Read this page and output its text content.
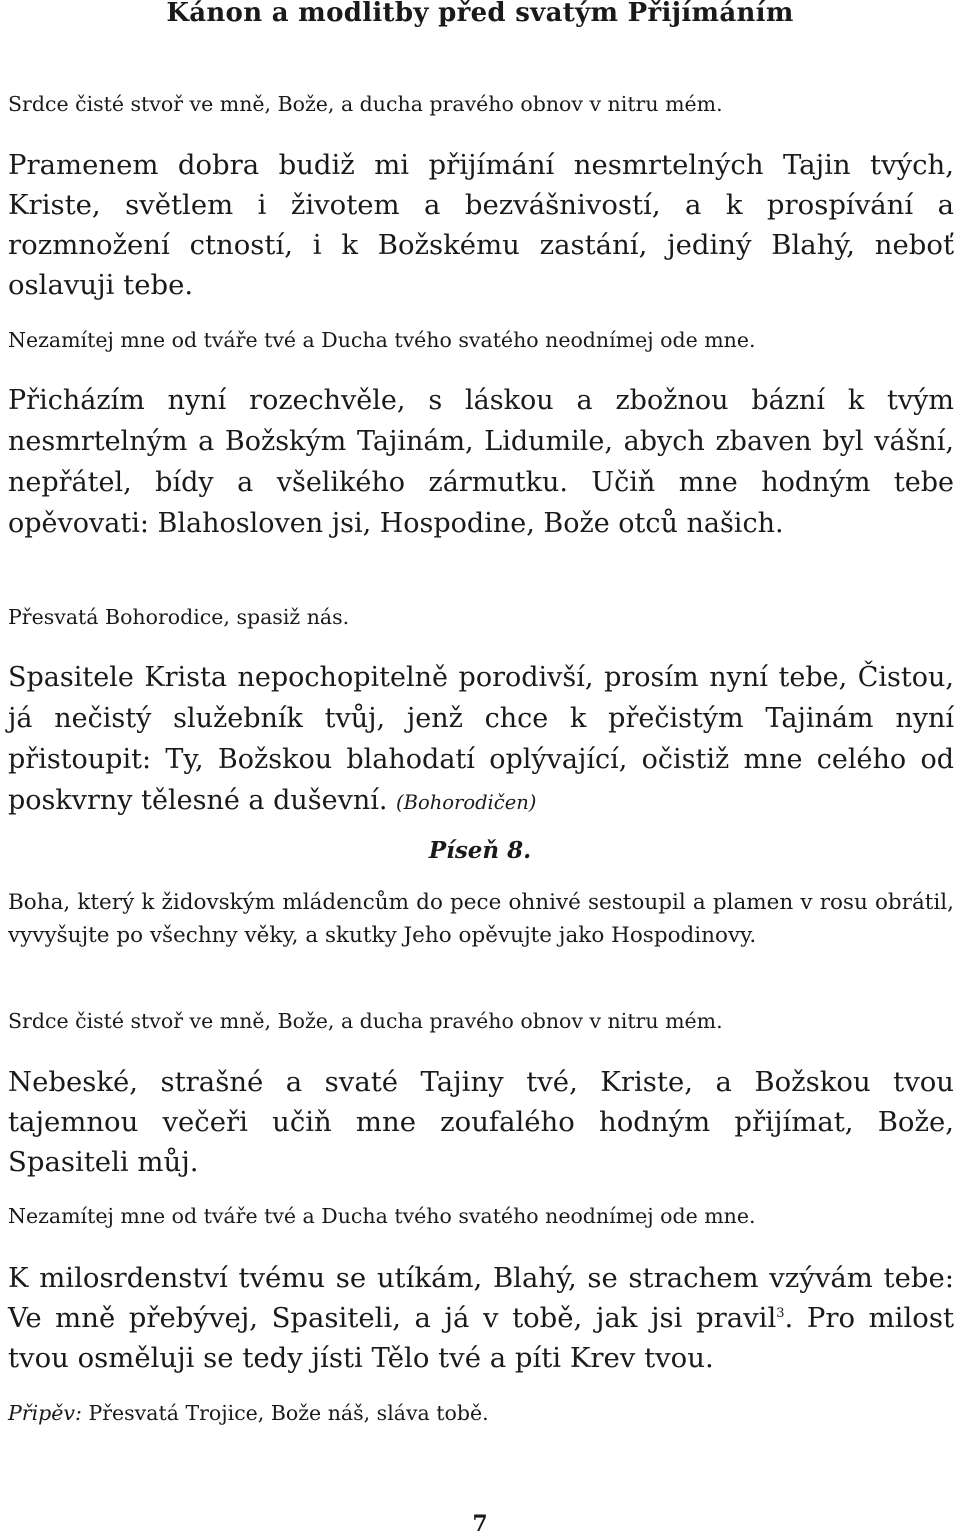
Kánon a modlitby před svatým Přijímáním

Srdce čisté stvoř ve mně, Bože, a ducha pravého obnov v nitru mém.

Pramenem dobra budiž mi přijímání nesmrtelných Tajin tvých, Kriste, světlem i životem a bezvášnivostí, a k prospívání a rozmnožení ctností, i k Božskému zastání, jediný Blahý, neboť oslavuji tebe.

Nezamítej mne od tváře tvé a Ducha tvého svatého neodnímej ode mne.

Přicházím nyní rozechvěle, s láskou a zbožnou bázní k tvým nesmrtelným a Božským Tajinám, Lidumile, abych zbaven byl vášní, nepřátel, bídy a všelikého zármutku. Učiň mne hodným tebe opěvovati: Blahosloven jsi, Hospodine, Bože otců našich.

Přesvatá Bohorodice, spasiž nás.

Spasitele Krista nepochopitelně porodivší, prosím nyní tebe, Čistou, já nečistý služebník tvůj, jenž chce k přečistým Tajinám nyní přistoupit: Ty, Božskou blahodatí oplývající, očistiž mne celého od poskvrny tělesné a duševní. (Bohorodičen)

Píseň 8.

Boha, který k židovským mládencům do pece ohnivé sestoupil a plamen v rosu obrátil, vyvyšujte po všechny věky, a skutky Jeho opěvujte jako Hospodinovy.

Srdce čisté stvoř ve mně, Bože, a ducha pravého obnov v nitru mém.

Nebeské, strašné a svaté Tajiny tvé, Kriste, a Božskou tvou tajemnou večeři učiň mne zoufalého hodným přijímat, Bože, Spasiteli můj.

Nezamítej mne od tváře tvé a Ducha tvého svatého neodnímej ode mne.

K milosrdenství tvému se utíkám, Blahý, se strachem vzývám tebe: Ve mně přebývej, Spasiteli, a já v tobě, jak jsi pravil$^3$. Pro milost tvou osměluji se tedy jísti Tělo tvé a píti Krev tvou.

Připěv: Přesvatá Trojice, Bože náš, sláva tobě.

7
